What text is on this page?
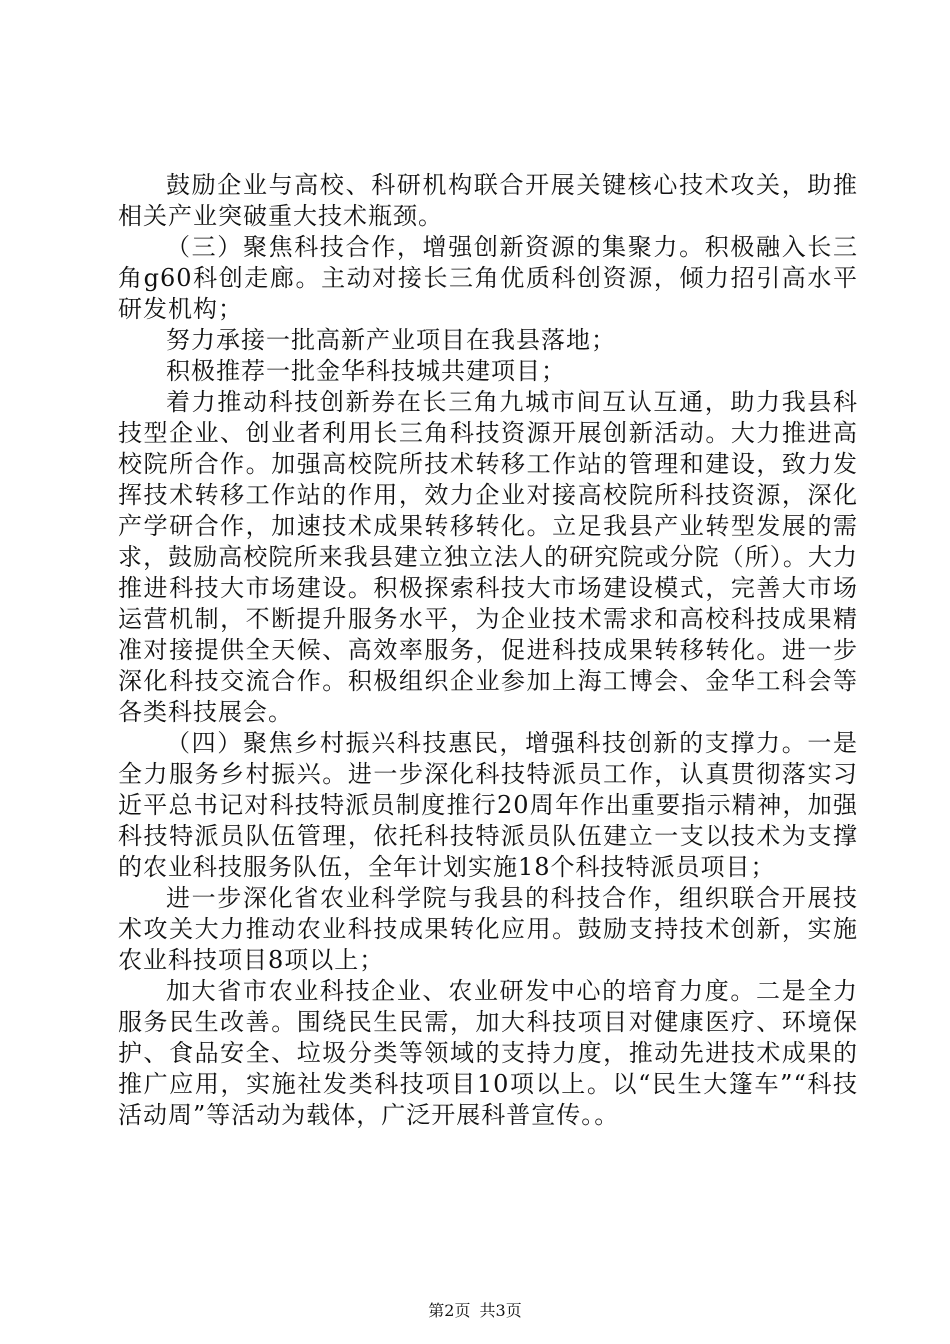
鼓励企业与高校、科研机构联合开展关键核心技术攻关，助推相关产业突破重大技术瓶颈。

（三）聚焦科技合作，增强创新资源的集聚力。积极融入长三角g60科创走廊。主动对接长三角优质科创资源，倾力招引高水平研发机构；

努力承接一批高新产业项目在我县落地；

积极推荐一批金华科技城共建项目；

着力推动科技创新券在长三角九城市间互认互通，助力我县科技型企业、创业者利用长三角科技资源开展创新活动。大力推进高校院所合作。加强高校院所技术转移工作站的管理和建设，致力发挥技术转移工作站的作用，效力企业对接高校院所科技资源，深化产学研合作，加速技术成果转移转化。立足我县产业转型发展的需求，鼓励高校院所来我县建立独立法人的研究院或分院（所）。大力推进科技大市场建设。积极探索科技大市场建设模式，完善大市场运营机制，不断提升服务水平，为企业技术需求和高校科技成果精准对接提供全天候、高效率服务，促进科技成果转移转化。进一步深化科技交流合作。积极组织企业参加上海工博会、金华工科会等各类科技展会。

（四）聚焦乡村振兴科技惠民，增强科技创新的支撑力。一是全力服务乡村振兴。进一步深化科技特派员工作，认真贯彻落实习近平总书记对科技特派员制度推行20周年作出重要指示精神，加强科技特派员队伍管理，依托科技特派员队伍建立一支以技术为支撑的农业科技服务队伍，全年计划实施18个科技特派员项目；

进一步深化省农业科学院与我县的科技合作，组织联合开展技术攻关大力推动农业科技成果转化应用。鼓励支持技术创新，实施农业科技项目8项以上；

加大省市农业科技企业、农业研发中心的培育力度。二是全力服务民生改善。围绕民生民需，加大科技项目对健康医疗、环境保护、食品安全、垃圾分类等领域的支持力度，推动先进技术成果的推广应用，实施社发类科技项目10项以上。以“民生大篷车”“科技活动周”等活动为载体，广泛开展科普宣传。。

第2页 共3页
